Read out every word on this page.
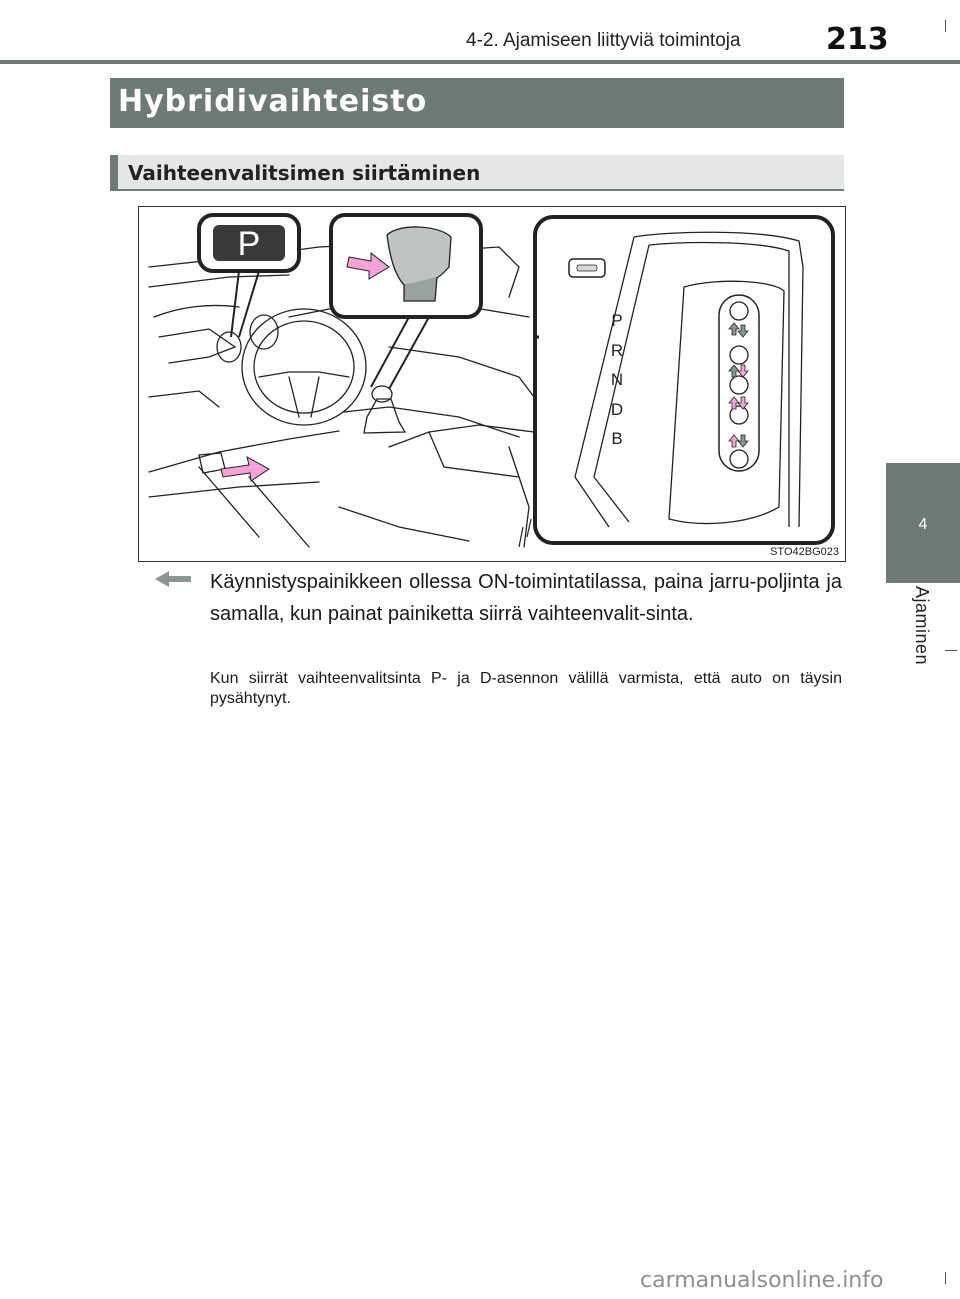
4-2. Ajamiseen liittyviä toimintoja	213
4
Ajaminen
Hybridivaihteisto
Vaihteenvalitsimen siirtäminen
P
P
R
N
D
B
STO42BG023
Käynnistyspainikkeen ollessa ON-toimintatilassa, paina jarru-poljinta ja samalla, kun painat painiketta siirrä vaihteenvalit-sinta.
Kun siirrät vaihteenvalitsinta P- ja D-asennon välillä varmista, että auto on täysin pysähtynyt.
carmanualsonline.info
